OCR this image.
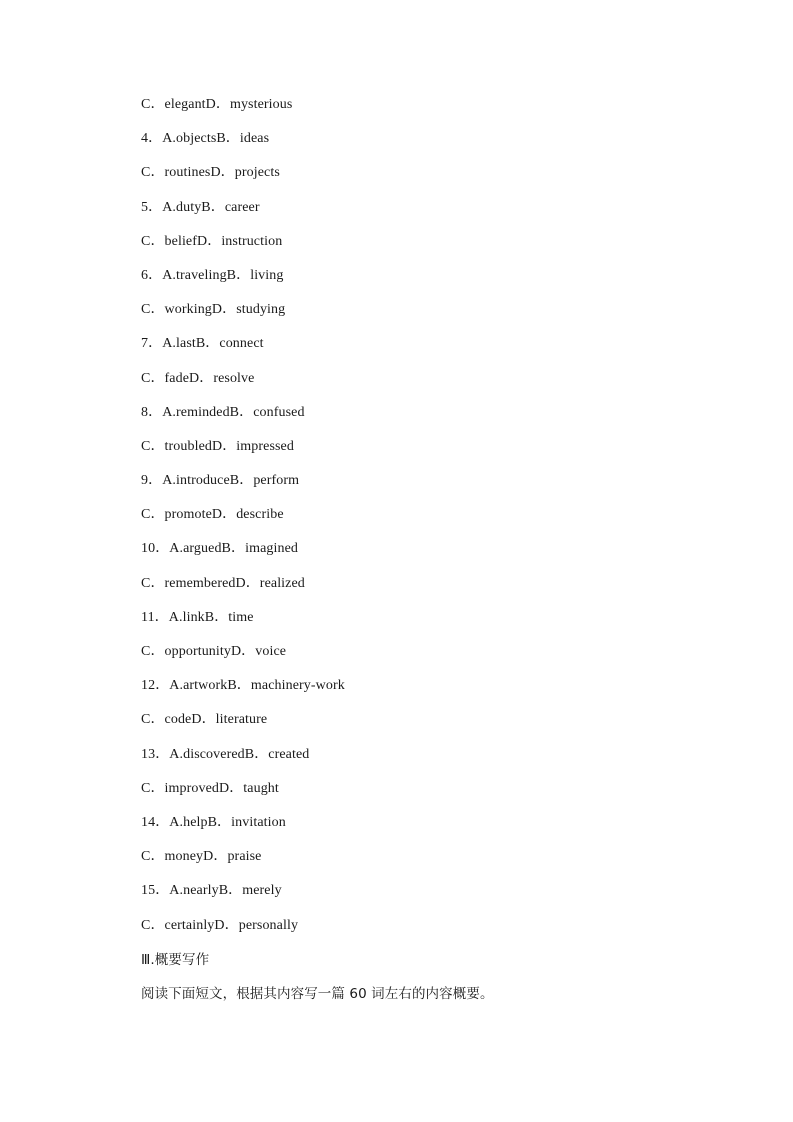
C．elegantD．mysterious
4．A.objectsB．ideas
C．routinesD．projects
5．A.dutyB．career
C．beliefD．instruction
6．A.travelingB．living
C．workingD．studying
7．A.lastB．connect
C．fadeD．resolve
8．A.remindedB．confused
C．troubledD．impressed
9．A.introduceB．perform
C．promoteD．describe
10．A.arguedB．imagined
C．rememberedD．realized
11．A.linkB．time
C．opportunityD．voice
12．A.artworkB．machinery-work
C．codeD．literature
13．A.discoveredB．created
C．improvedD．taught
14．A.helpB．invitation
C．moneyD．praise
15．A.nearlyB．merely
C．certainlyD．personally
Ⅲ.概要写作
阅读下面短文，根据其内容写一篇 60 词左右的内容概要。
